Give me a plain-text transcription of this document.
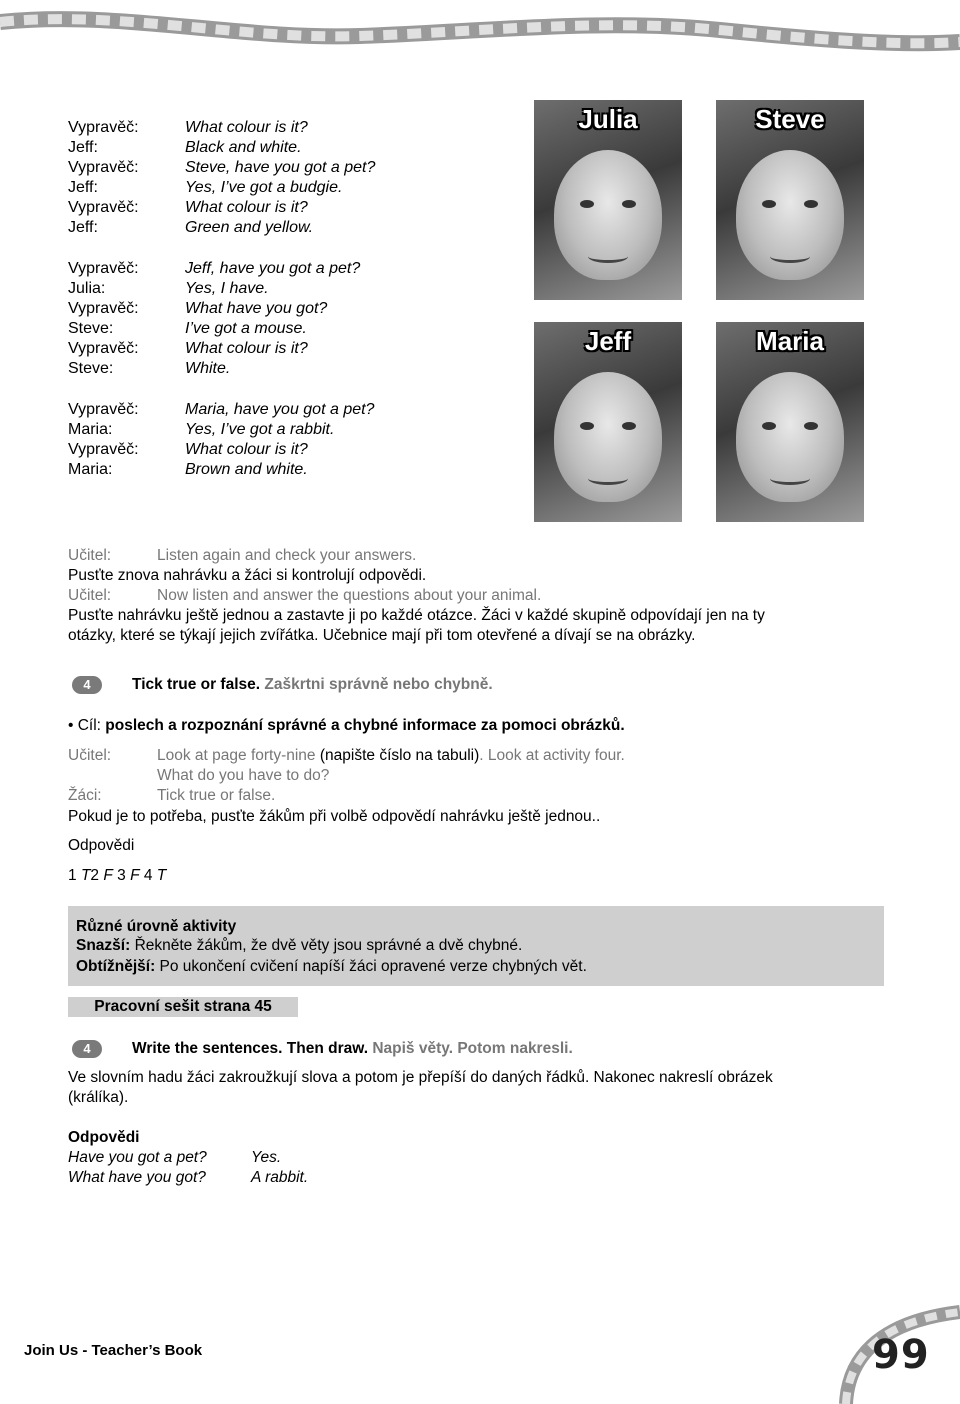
Vypravěč:	What colour is it?
Jeff:	Black and white.
Vypravěč:	Steve, have you got a pet?
Jeff:	Yes, I’ve got a budgie.
Vypravěč:	What colour is it?
Jeff:	Green and yellow.
Vypravěč:	Jeff, have you got a pet?
Julia:	Yes, I have.
Vypravěč:	What have you got?
Steve:	I’ve got a mouse.
Vypravěč:	What colour is it?
Steve:	White.
Vypravěč:	Maria, have you got a pet?
Maria:	Yes, I’ve got a rabbit.
Vypravěč:	What colour is it?
Maria:	Brown and white.
Julia	Steve
Jeff	Maria
Učitel:	Listen again and check your answers.
Pusťte znova nahrávku a žáci si kontrolují odpovědi.
Učitel:	Now listen and answer the questions about your animal.
Pusťte nahrávku ještě jednou a zastavte ji po každé otázce. Žáci v každé skupině odpovídají jen na ty
otázky, které se týkají jejich zvířátka. Učebnice mají při tom otevřené a dívají se na obrázky.
4	Tick true or false. Zaškrtni správně nebo chybně.
• Cíl: poslech a rozpoznání správné a chybné informace za pomoci obrázků.
Učitel:	Look at page forty-nine (napište číslo na tabuli). Look at activity four.
What do you have to do?
Žáci:	Tick true or false.
Pokud je to potřeba, pusťte žákům při volbě odpovědí nahrávku ještě jednou..
Odpovědi
1 T2 F 3 F 4 T
Různé úrovně aktivity
Snazší: Řekněte žákům, že dvě věty jsou správné a dvě chybné.
Obtížnější: Po ukončení cvičení napíší žáci opravené verze chybných vět.
Pracovní sešit strana 45
4	Write the sentences. Then draw. Napiš věty. Potom nakresli.
Ve slovním hadu žáci zakroužkují slova a potom je přepíší do daných řádků. Nakonec nakreslí obrázek
(králíka).
Odpovědi
Have you got a pet?	Yes.
What have you got?	A rabbit.
Join Us - Teacher’s Book	99
